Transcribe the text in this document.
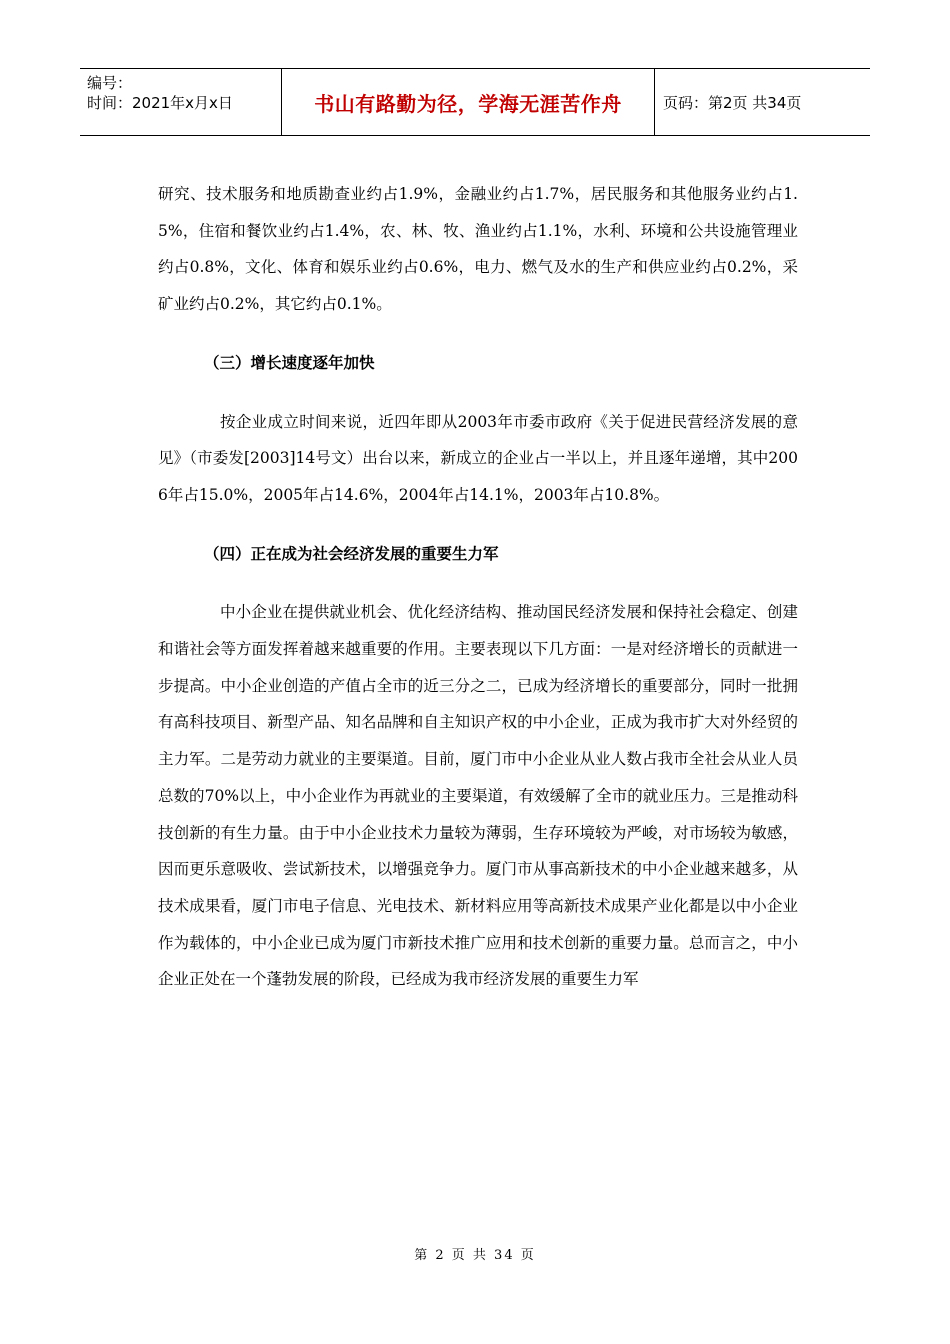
编号：
时间：2021年x月x日	书山有路勤为径，学海无涯苦作舟	页码：第2页 共34页

研究、技术服务和地质勘查业约占1.9%，金融业约占1.7%，居民服务和其他服务业约占1.5%，住宿和餐饮业约占1.4%，农、林、牧、渔业约占1.1%，水利、环境和公共设施管理业约占0.8%，文化、体育和娱乐业约占0.6%，电力、燃气及水的生产和供应业约占0.2%，采矿业约占0.2%，其它约占0.1%。

（三）增长速度逐年加快

按企业成立时间来说，近四年即从2003年市委市政府《关于促进民营经济发展的意见》（市委发[2003]14号文）出台以来，新成立的企业占一半以上，并且逐年递增，其中2006年占15.0%，2005年占14.6%，2004年占14.1%，2003年占10.8%。

（四）正在成为社会经济发展的重要生力军

中小企业在提供就业机会、优化经济结构、推动国民经济发展和保持社会稳定、创建和谐社会等方面发挥着越来越重要的作用。主要表现以下几方面：一是对经济增长的贡献进一步提高。中小企业创造的产值占全市的近三分之二，已成为经济增长的重要部分，同时一批拥有高科技项目、新型产品、知名品牌和自主知识产权的中小企业，正成为我市扩大对外经贸的主力军。二是劳动力就业的主要渠道。目前，厦门市中小企业从业人数占我市全社会从业人员总数的70%以上，中小企业作为再就业的主要渠道，有效缓解了全市的就业压力。三是推动科技创新的有生力量。由于中小企业技术力量较为薄弱，生存环境较为严峻，对市场较为敏感，因而更乐意吸收、尝试新技术，以增强竞争力。厦门市从事高新技术的中小企业越来越多，从技术成果看，厦门市电子信息、光电技术、新材料应用等高新技术成果产业化都是以中小企业作为载体的，中小企业已成为厦门市新技术推广应用和技术创新的重要力量。总而言之，中小企业正处在一个蓬勃发展的阶段，已经成为我市经济发展的重要生力军

第 2 页 共 34 页
